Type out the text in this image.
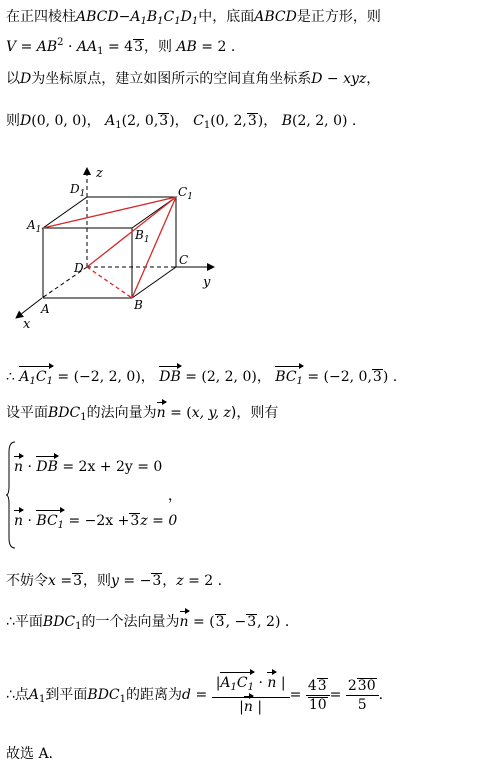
在正四棱柱$ABCD-A_1B_1C_1D_1$中，底面ABCD是正方形，则
$V = AB^2 \cdot AA_1 = 43$，则 AB = 2 .
以D为坐标原点，建立如图所示的空间直角坐标系D − xyz，
则D(0, 0, 0)， $A_1(2$, 0,3)， $C_1(0$, 2,3)， B(2, 2, 0) .
z
y
x
$D_1$	$C_1$
$A_1$	$B_1$
D
C
A	B
∴ $A_1C_1 = (-2$, 2, 0)， DB = (2, 2, 0)， $BC_1 = (-2$, 0,3) .
设平面$BDC_1$的法向量为n = (x, y, z)，则有
n · DB = 2x + 2y = 0
，
$n \cdot BC_1 = -2x +3z = 0$
不妨令x =3，则y = −3，z = 2 .
∴平面$BDC_1$的一个法向量为n = (3, −3, 2) .
∴点$A_1$到平面$BDC_1$的距离为$d = \frac{|A_1C_1 \cdot n |}{|n |} = \frac{43}{10} = \frac{230}{5}$ .
故选 A.
